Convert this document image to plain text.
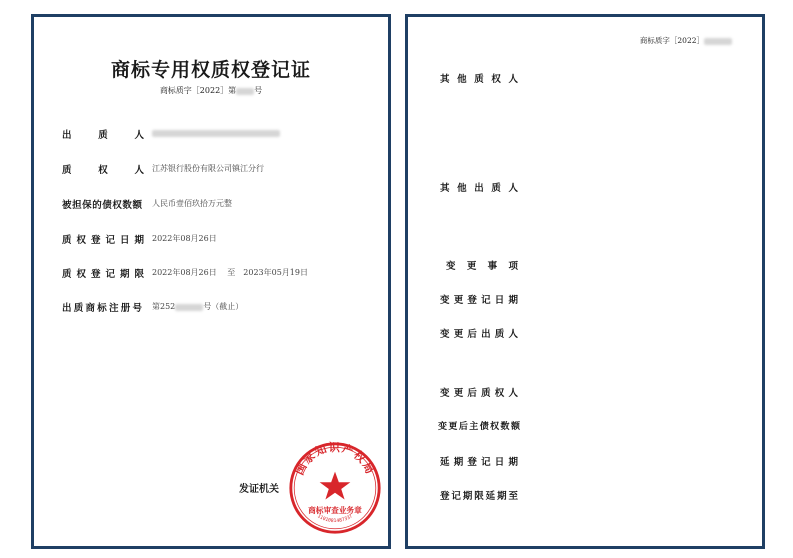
商标专用权质权登记证
商标质字［2022］第 号
出　质　人
质　权　人 江苏银行股份有限公司镇江分行
被担保的债权数额 人民币壹佰玖拾万元整
质权登记日期 2022年08月26日
质权登记期限 2022年08月26日　 至　2023年05月19日
出质商标注册号 第252	号（截止）
发证机关
国家知识产权局
商标审查业务章
1101081487337
商标质字［2022］
其他质权人
其他出质人
变更事项
变更登记日期
变更后出质人
变更后质权人
变更后主债权数额
延期登记日期
登记期限延期至
